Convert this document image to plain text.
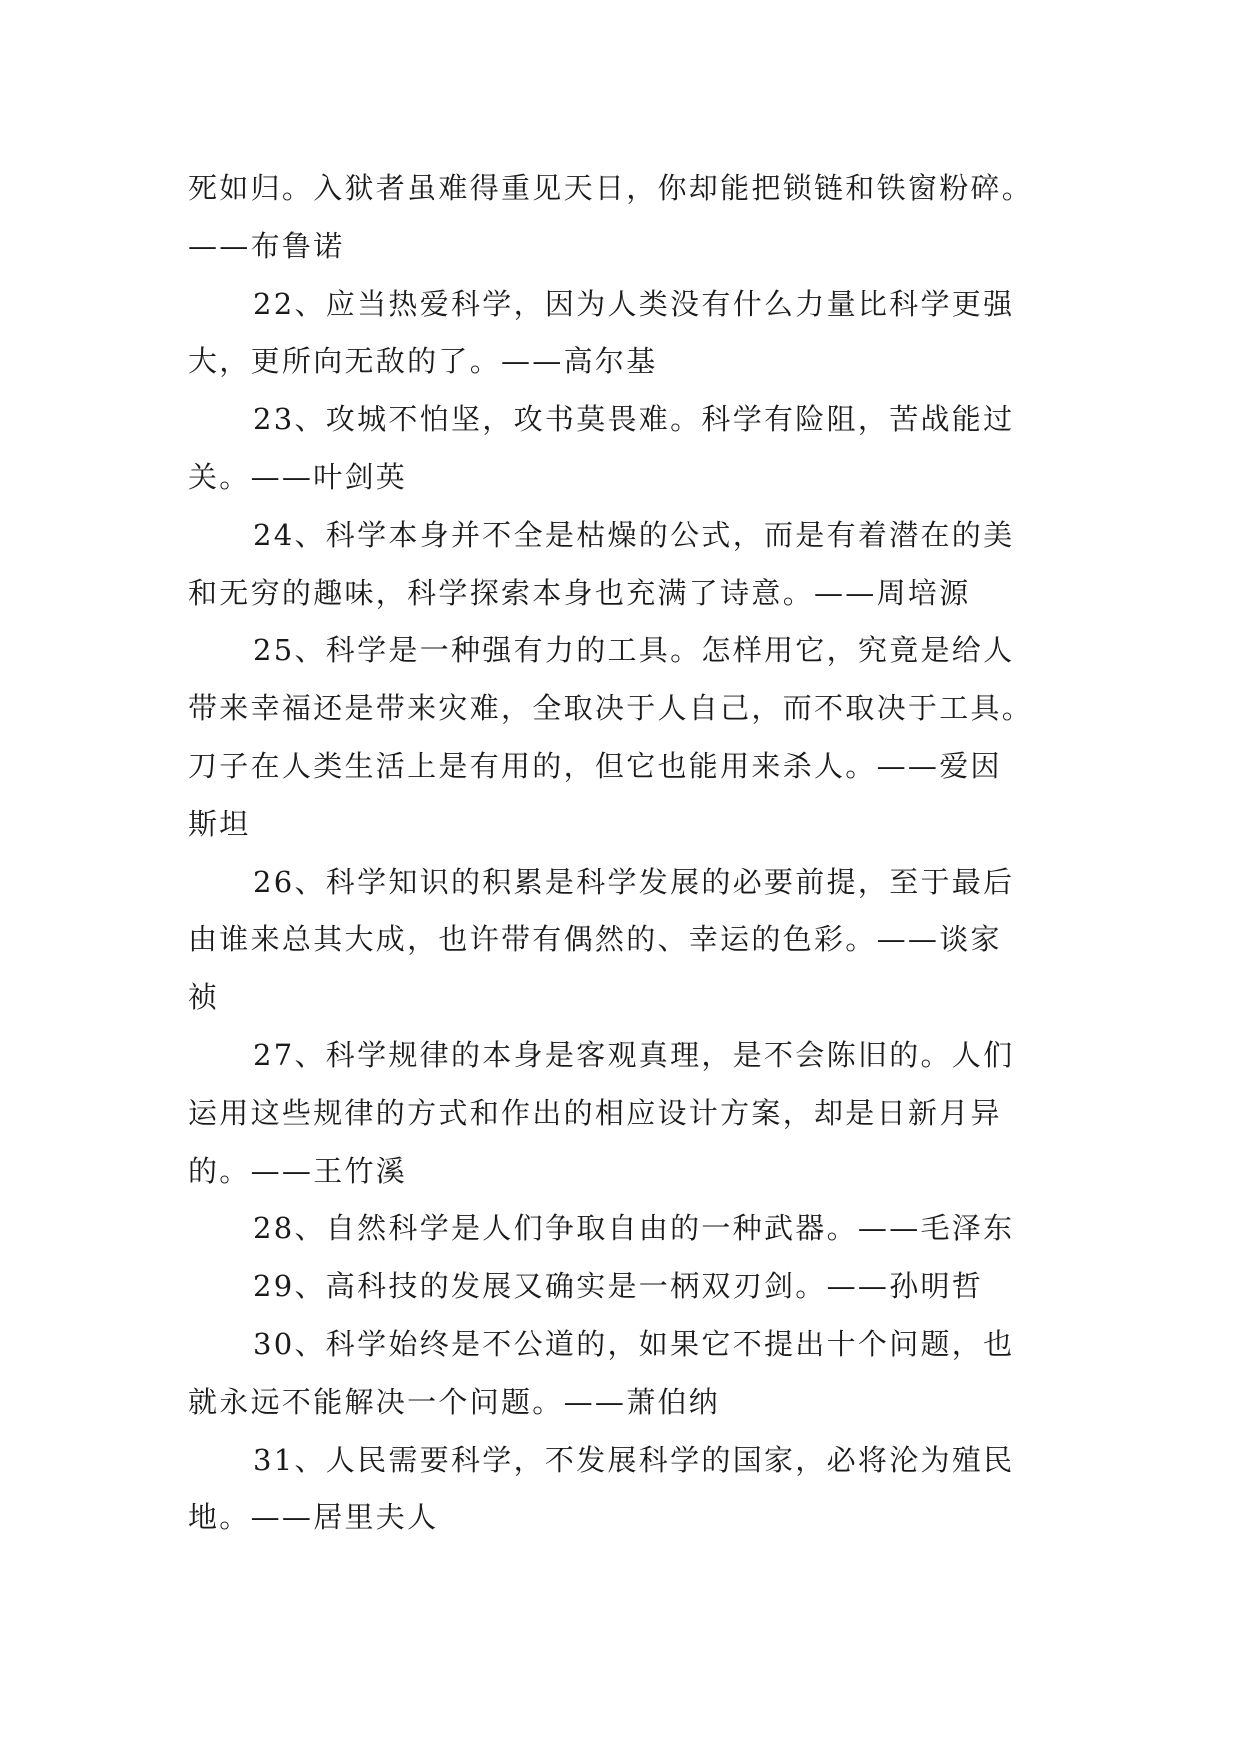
死如归。入狱者虽难得重见天日，你却能把锁链和铁窗粉碎。
——布鲁诺
22、应当热爱科学，因为人类没有什么力量比科学更强
大，更所向无敌的了。——高尔基
23、攻城不怕坚，攻书莫畏难。科学有险阻，苦战能过
关。——叶剑英
24、科学本身并不全是枯燥的公式，而是有着潜在的美
和无穷的趣味，科学探索本身也充满了诗意。——周培源
25、科学是一种强有力的工具。怎样用它，究竟是给人
带来幸福还是带来灾难，全取决于人自己，而不取决于工具。
刀子在人类生活上是有用的，但它也能用来杀人。——爱因
斯坦
26、科学知识的积累是科学发展的必要前提，至于最后
由谁来总其大成，也许带有偶然的、幸运的色彩。——谈家
祯
27、科学规律的本身是客观真理，是不会陈旧的。人们
运用这些规律的方式和作出的相应设计方案，却是日新月异
的。——王竹溪
28、自然科学是人们争取自由的一种武器。——毛泽东
29、高科技的发展又确实是一柄双刃剑。——孙明哲
30、科学始终是不公道的，如果它不提出十个问题，也
就永远不能解决一个问题。——萧伯纳
31、人民需要科学，不发展科学的国家，必将沦为殖民
地。——居里夫人
